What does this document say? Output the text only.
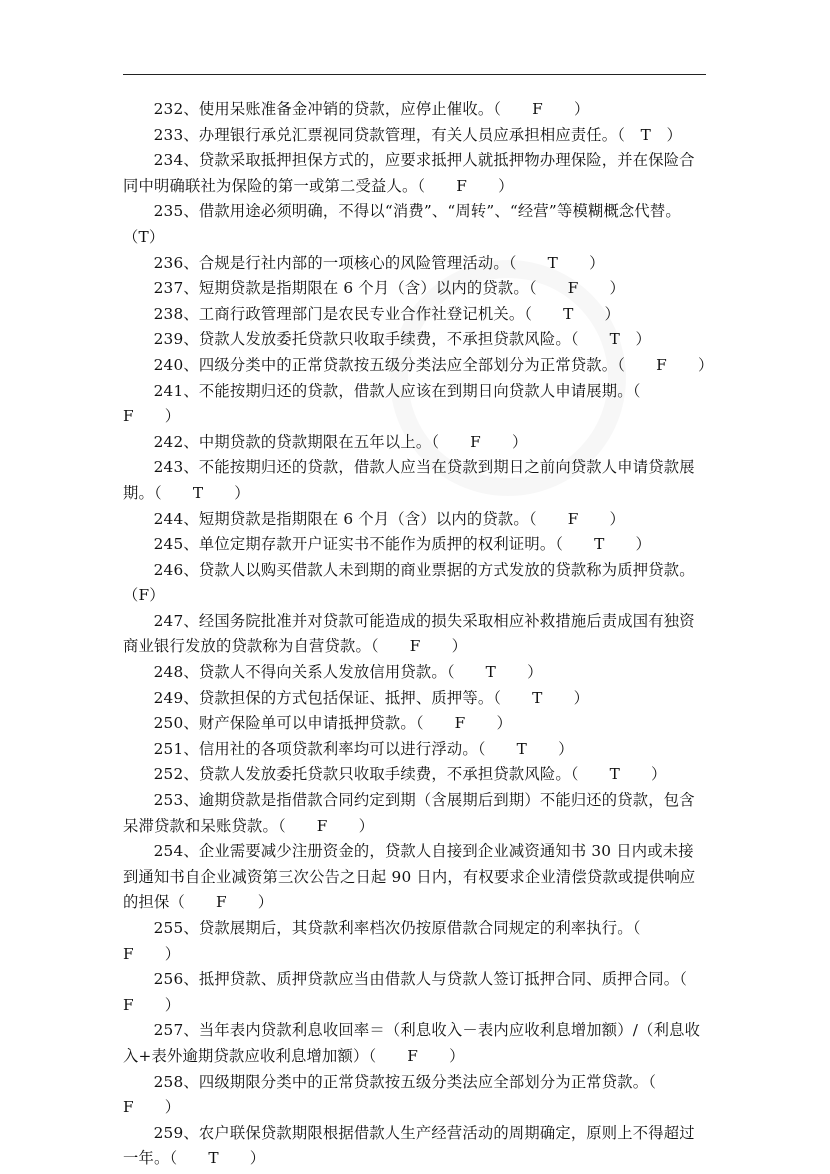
232、使用呆账准备金冲销的贷款，应停止催收。（　　F　　）

233、办理银行承兑汇票视同贷款管理，有关人员应承担相应责任。（　T　）

234、贷款采取抵押担保方式的，应要求抵押人就抵押物办理保险，并在保险合同中明确联社为保险的第一或第二受益人。（　　F　　）

235、借款用途必须明确，不得以“消费”、“周转”、“经营”等模糊概念代替。（T）

236、合规是行社内部的一项核心的风险管理活动。（　　T　　）

237、短期贷款是指期限在 6 个月（含）以内的贷款。（　　F　　）

238、工商行政管理部门是农民专业合作社登记机关。（　　T　　）

239、贷款人发放委托贷款只收取手续费，不承担贷款风险。（　　T　）

240、四级分类中的正常贷款按五级分类法应全部划分为正常贷款。（　　F　　）

241、不能按期归还的贷款，借款人应该在到期日向贷款人申请展期。（　　F　　）

242、中期贷款的贷款期限在五年以上。（　　F　　）

243、不能按期归还的贷款，借款人应当在贷款到期日之前向贷款人申请贷款展期。（　　T　　）

244、短期贷款是指期限在 6 个月（含）以内的贷款。（　　F　　）

245、单位定期存款开户证实书不能作为质押的权利证明。（　　T　　）

246、贷款人以购买借款人未到期的商业票据的方式发放的贷款称为质押贷款。（F）

247、经国务院批准并对贷款可能造成的损失采取相应补救措施后责成国有独资商业银行发放的贷款称为自营贷款。（　　F　　）

248、贷款人不得向关系人发放信用贷款。（　　T　　）

249、贷款担保的方式包括保证、抵押、质押等。（　　T　　）

250、财产保险单可以申请抵押贷款。（　　F　　）

251、信用社的各项贷款利率均可以进行浮动。（　　T　　）

252、贷款人发放委托贷款只收取手续费，不承担贷款风险。（　　T　　）

253、逾期贷款是指借款合同约定到期（含展期后到期）不能归还的贷款，包含呆滞贷款和呆账贷款。（　　F　　）

254、企业需要减少注册资金的，贷款人自接到企业减资通知书 30 日内或未接到通知书自企业减资第三次公告之日起 90 日内，有权要求企业清偿贷款或提供响应的担保（　　F　　）

255、贷款展期后，其贷款利率档次仍按原借款合同规定的利率执行。（　　F　　）

256、抵押贷款、质押贷款应当由借款人与贷款人签订抵押合同、质押合同。（　　F　　）

257、当年表内贷款利息收回率＝（利息收入－表内应收利息增加额）/（利息收入+表外逾期贷款应收利息增加额）（　　F　　）

258、四级期限分类中的正常贷款按五级分类法应全部划分为正常贷款。（　　F　　）

259、农户联保贷款期限根据借款人生产经营活动的周期确定，原则上不得超过一年。（　　T　　）
